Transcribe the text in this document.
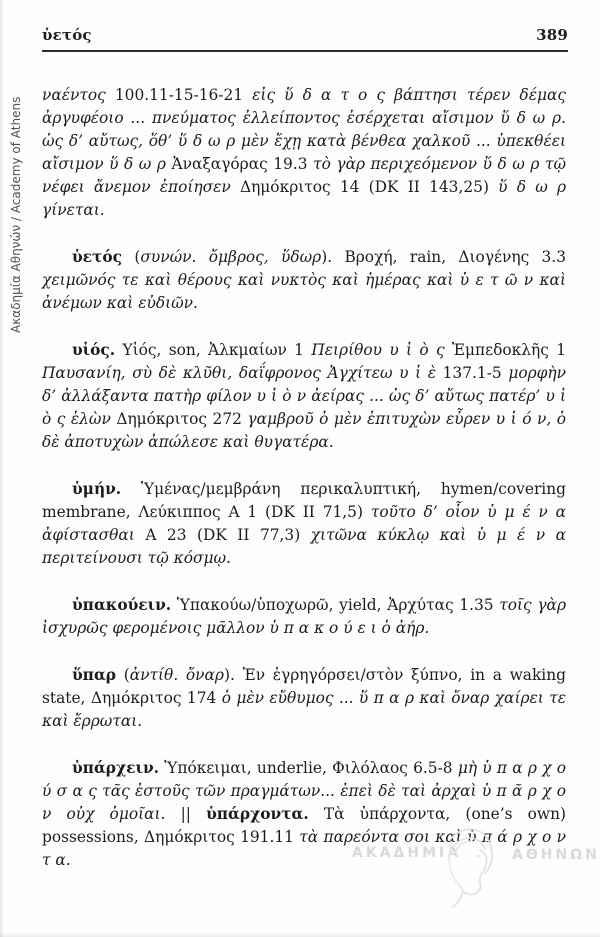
Ακαδημία Αθηνών / Academy of Athens
ὑετός	389

ναέντος 100.11-15-16-21 εἰς ὕ δ α τ ο ς βάπτησι τέρεν δέμας ἀργυφέοιο ... πνεύματος ἐλλείποντος ἐσέρχεται αἴσιμον ὕ δ ω ρ. ὡς δ’ αὔτως, ὅθ’ ὕ δ ω ρ μὲν ἔχῃ κατὰ βένθεα χαλκοῦ ... ὑπεκθέει αἴσιμον ὕ δ ω ρ Ἀναξαγόρας 19.3 τὸ γὰρ περιχεόμενον ὕ δ ω ρ τῷ νέφει ἄνεμον ἐποίησεν Δημόκριτος 14 (DK II 143,25) ὕ δ ω ρ γίνεται.

ὑετός (συνών. ὄμβρος, ὕδωρ). Βροχή, rain, Διογένης 3.3 χειμῶνός τε καὶ θέρους καὶ νυκτὸς καὶ ἡμέρας καὶ ὑ ε τ ῶ ν καὶ ἀνέμων καὶ εὐδιῶν.

υἱός. Υἱός, son, Ἀλκμαίων 1 Πειρίθου υ ἱ ὸ ς Ἐμπεδοκλῆς 1 Παυσανίη, σὺ δὲ κλῦθι, δαΐφρονος Ἀγχίτεω υ ἱ ὲ 137.1-5 μορφὴν δ’ ἀλλάξαντα πατὴρ φίλον υ ἱ ὸ ν ἀείρας ... ὡς δ’ αὔτως πατέρ’ υ ἱ ὸ ς ἑλὼν Δημόκριτος 272 γαμβροῦ ὁ μὲν ἐπιτυχὼν εὗρεν υ ἱ ό ν, ὁ δὲ ἀποτυχὼν ἀπώλεσε καὶ θυγατέρα.

ὑμήν. Ὑμένας/μεμβράνη περικαλυπτική, hymen/covering membrane, Λεύκιππος Α 1 (DK II 71,5) τοῦτο δ’ οἷον ὑ μ έ ν α ἀφίστασθαι Α 23 (DK II 77,3) χιτῶνα κύκλῳ καὶ ὑ μ έ ν α περιτείνουσι τῷ κόσμῳ.

ὑπακούειν. Ὑπακούω/ὑποχωρῶ, yield, Ἀρχύτας 1.35 τοῖς γὰρ ἰσχυρῶς φερομένοις μᾶλλον ὑ π α κ ο ύ ε ι ὁ ἀήρ.

ὕπαρ (ἀντίθ. ὄναρ). Ἐν ἐγρηγόρσει/στὸν ξύπνο, in a waking state, Δημόκριτος 174 ὁ μὲν εὔθυμος ... ὕ π α ρ καὶ ὄναρ χαίρει τε καὶ ἔρρωται.

ὑπάρχειν. Ὑπόκειμαι, underlie, Φιλόλαος 6.5-8 μὴ ὑ π α ρ χ ο ύ σ α ς τᾶς ἐστοῦς τῶν πραγμάτων... ἐπεὶ δὲ ταὶ ἀρχαὶ ὑ π ᾶ ρ χ ο ν οὐχ ὁμοῖαι. || ὑπάρχοντα. Τὰ ὑπάρχοντα, (one’s own) possessions, Δημόκριτος 191.11 τὰ παρεόντα σοι καὶ ὑ π ά ρ χ ο ν τ α.	ΑΚΑΔΗΜΙΑ	ΑΘΗΝΩΝ
